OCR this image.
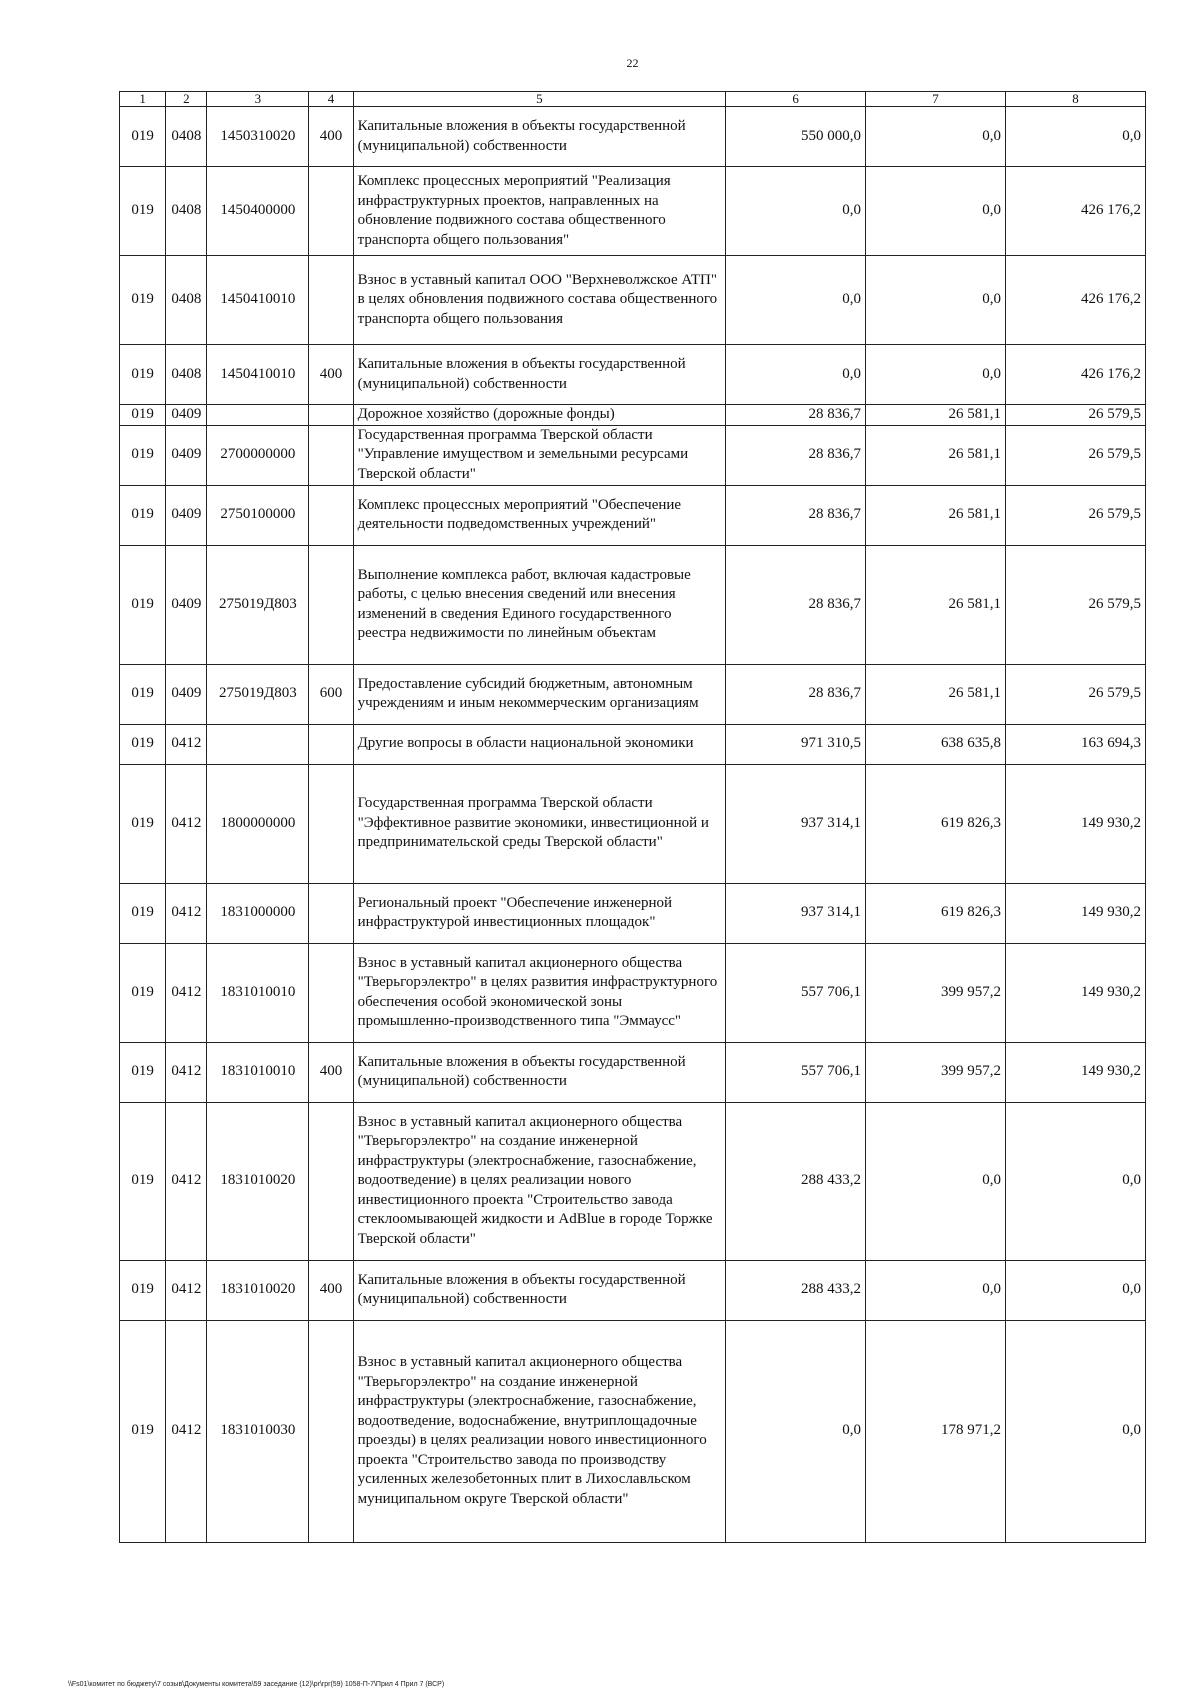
22
1	2	3	4	5	6	7	8
019	0408	1450310020	400	Капитальные вложения в объекты государственной (муниципальной) собственности	550 000,0	0,0	0,0
019	0408	1450400000		Комплекс процессных мероприятий "Реализация инфраструктурных проектов, направленных на обновление подвижного состава общественного транспорта общего пользования"	0,0	0,0	426 176,2
019	0408	1450410010		Взнос в уставный капитал ООО "Верхневолжское АТП" в целях обновления подвижного состава общественного транспорта общего пользования	0,0	0,0	426 176,2
019	0408	1450410010	400	Капитальные вложения в объекты государственной (муниципальной) собственности	0,0	0,0	426 176,2
019	0409			Дорожное хозяйство (дорожные фонды)	28 836,7	26 581,1	26 579,5
019	0409	2700000000		Государственная программа Тверской области "Управление имуществом и земельными ресурсами Тверской области"	28 836,7	26 581,1	26 579,5
019	0409	2750100000		Комплекс процессных мероприятий "Обеспечение деятельности подведомственных учреждений"	28 836,7	26 581,1	26 579,5
019	0409	275019Д803		Выполнение комплекса работ, включая кадастровые работы, с целью внесения сведений или внесения изменений в сведения Единого государственного реестра недвижимости по линейным объектам	28 836,7	26 581,1	26 579,5
019	0409	275019Д803	600	Предоставление субсидий бюджетным, автономным учреждениям и иным некоммерческим организациям	28 836,7	26 581,1	26 579,5
019	0412			Другие вопросы в области национальной экономики	971 310,5	638 635,8	163 694,3
019	0412	1800000000		Государственная программа Тверской области "Эффективное развитие экономики, инвестиционной и предпринимательской среды Тверской области"	937 314,1	619 826,3	149 930,2
019	0412	1831000000		Региональный проект "Обеспечение инженерной инфраструктурой инвестиционных площадок"	937 314,1	619 826,3	149 930,2
019	0412	1831010010		Взнос в уставный капитал акционерного общества "Тверьгорэлектро" в целях развития инфраструктурного обеспечения особой экономической зоны промышленно-производственного типа "Эммаусс"	557 706,1	399 957,2	149 930,2
019	0412	1831010010	400	Капитальные вложения в объекты государственной (муниципальной) собственности	557 706,1	399 957,2	149 930,2
019	0412	1831010020		Взнос в уставный капитал акционерного общества "Тверьгорэлектро" на создание инженерной инфраструктуры (электроснабжение, газоснабжение, водоотведение) в целях реализации нового инвестиционного проекта "Строительство завода стеклоомывающей жидкости и AdBlue в городе Торжке Тверской области"	288 433,2	0,0	0,0
019	0412	1831010020	400	Капитальные вложения в объекты государственной (муниципальной) собственности	288 433,2	0,0	0,0
019	0412	1831010030		Взнос в уставный капитал акционерного общества "Тверьгорэлектро" на создание инженерной инфраструктуры (электроснабжение, газоснабжение, водоотведение, водоснабжение, внутриплощадочные проезды) в целях реализации нового инвестиционного проекта "Строительство завода по производству усиленных железобетонных плит в Лихославльском муниципальном округе Тверской области"	0,0	178 971,2	0,0
\\Fs01\комитет по бюджету\7 созыв\Документы комитета\59 заседание (12)\pr\rpr(59) 1058-П-7\Прил 4 Прил 7 (ВСР)
